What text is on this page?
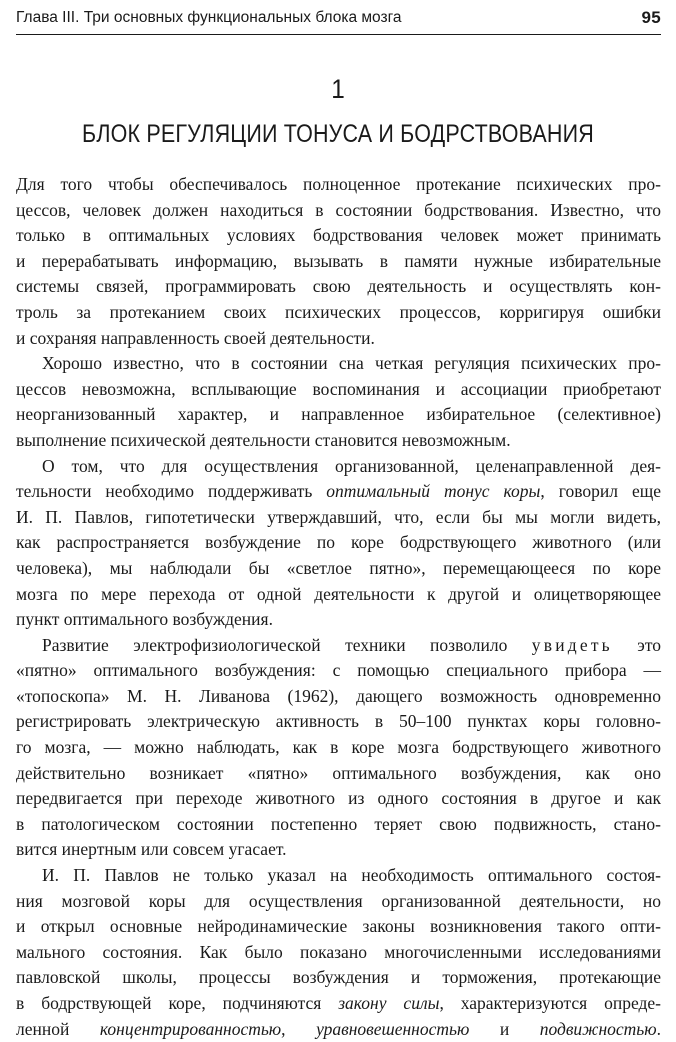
Глава III. Три основных функциональных блока мозга	95
1
БЛОК РЕГУЛЯЦИИ ТОНУСА И БОДРСТВОВАНИЯ
Для того чтобы обеспечивалось полноценное протекание психических про-
цессов, человек должен находиться в состоянии бодрствования. Известно, что
только в оптимальных условиях бодрствования человек может принимать
и перерабатывать информацию, вызывать в памяти нужные избирательные
системы связей, программировать свою деятельность и осуществлять кон-
троль за протеканием своих психических процессов, корригируя ошибки
и сохраняя направленность своей деятельности.
Хорошо известно, что в состоянии сна четкая регуляция психических про-
цессов невозможна, всплывающие воспоминания и ассоциации приобретают
неорганизованный характер, и направленное избирательное (селективное)
выполнение психической деятельности становится невозможным.
О том, что для осуществления организованной, целенаправленной дея-
тельности необходимо поддерживать оптимальный тонус коры, говорил еще
И. П. Павлов, гипотетически утверждавший, что, если бы мы могли видеть,
как распространяется возбуждение по коре бодрствующего животного (или
человека), мы наблюдали бы «светлое пятно», перемещающееся по коре
мозга по мере перехода от одной деятельности к другой и олицетворяющее
пункт оптимального возбуждения.
Развитие электрофизиологической техники позволило увидеть это
«пятно» оптимального возбуждения: с помощью специального прибора —
«топоскопа» М. Н. Ливанова (1962), дающего возможность одновременно
регистрировать электрическую активность в 50–100 пунктах коры головно-
го мозга, — можно наблюдать, как в коре мозга бодрствующего животного
действительно возникает «пятно» оптимального возбуждения, как оно
передвигается при переходе животного из одного состояния в другое и как
в патологическом состоянии постепенно теряет свою подвижность, стано-
вится инертным или совсем угасает.
И. П. Павлов не только указал на необходимость оптимального состоя-
ния мозговой коры для осуществления организованной деятельности, но
и открыл основные нейродинамические законы возникновения такого опти-
мального состояния. Как было показано многочисленными исследованиями
павловской школы, процессы возбуждения и торможения, протекающие
в бодрствующей коре, подчиняются закону силы, характеризуются опреде-
ленной концентрированностью, уравновешенностью и подвижностью.
